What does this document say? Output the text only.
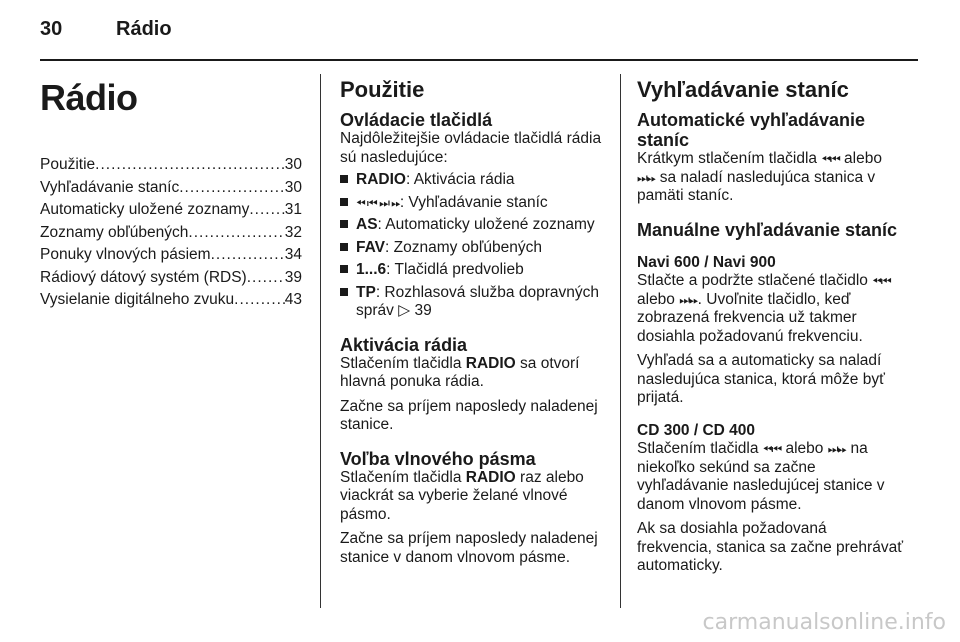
30	Rádio
Rádio
Použitie .....	30
Vyhľadávanie staníc .....	30
Automaticky uložené zoznamy ..... 31
Zoznamy obľúbených .....	32
Ponuky vlnových pásiem .....	34
Rádiový dátový systém (RDS) ..... 39
Vysielanie digitálneho zvuku .....	43
Použitie
Ovládacie tlačidlá

Najdôležitejšie ovládacie tlačidlá rádia sú nasledujúce:

RADIO: Aktivácia rádia
⏪︎ ⏮︎ ⏭︎ ⏩︎: Vyhľadávanie staníc
AS: Automaticky uložené zoznamy
FAV: Zoznamy obľúbených
1...6: Tlačidlá predvolieb
TP: Rozhlasová služba dopravných správ ▷ 39
Aktivácia rádia

Stlačením tlačidla RADIO sa otvorí hlavná ponuka rádia.

Začne sa príjem naposledy naladenej stanice.

Voľba vlnového pásma

Stlačením tlačidla RADIO raz alebo viackrát sa vyberie želané vlnové pásmo.

Začne sa príjem naposledy naladenej stanice v danom vlnovom pásme.

Vyhľadávanie staníc
Automatické vyhľadávanie staníc

Krátkym stlačením tlačidla ⏪︎⏮︎ alebo ⏭︎⏩︎ sa naladí nasledujúca stanica v pamäti staníc.

Manuálne vyhľadávanie staníc
Navi 600 / Navi 900

Stlačte a podržte stlačené tlačidlo ⏪︎⏮︎ alebo ⏭︎⏩︎. Uvoľnite tlačidlo, keď zobrazená frekvencia už takmer dosiahla požadovanú frekvenciu.

Vyhľadá sa a automaticky sa naladí nasledujúca stanica, ktorá môže byť prijatá.

CD 300 / CD 400

Stlačením tlačidla ⏪︎⏮︎ alebo ⏭︎⏩︎ na niekoľko sekúnd sa začne vyhľadávanie nasledujúcej stanice v danom vlnovom pásme.

Ak sa dosiahla požadovaná frekvencia, stanica sa začne prehrávať automaticky.

carmanualsonline.info
